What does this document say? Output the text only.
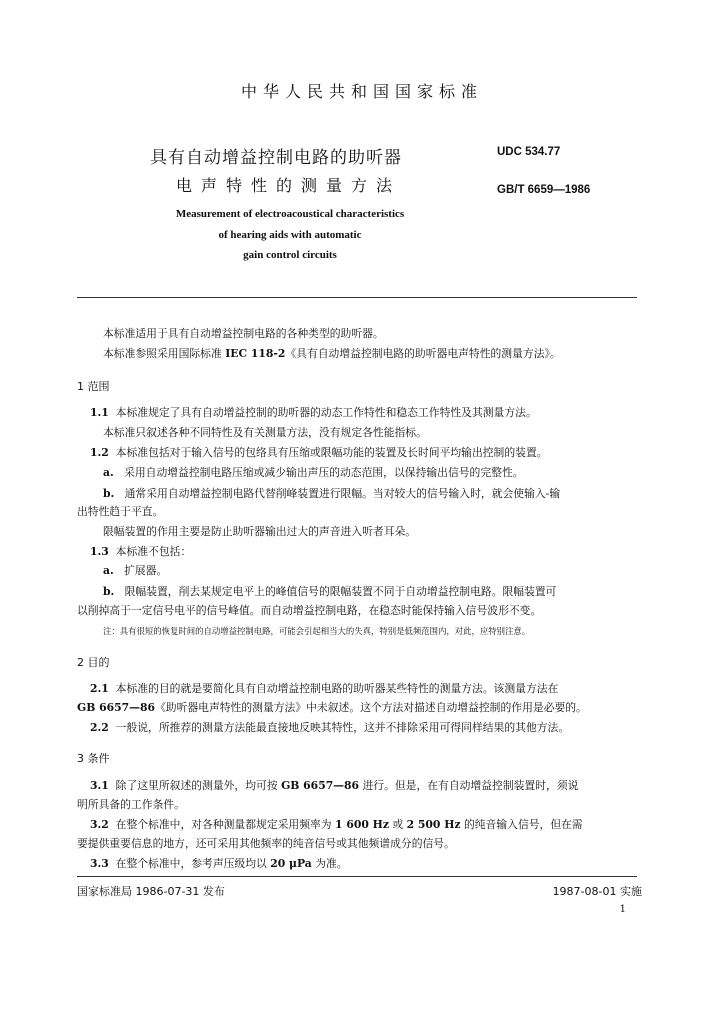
中华人民共和国国家标准
具有自动增益控制电路的助听器
电声特性的测量方法
UDC 534.77
GB/T 6659—1986
Measurement of electroacoustical characteristics
of hearing aids with automatic
gain control circuits
本标准适用于具有自动增益控制电路的各种类型的助听器。
本标准参照采用国际标准 IEC 118-2《具有自动增益控制电路的助听器电声特性的测量方法》。
1 范围
1.1 本标准规定了具有自动增益控制的助听器的动态工作特性和稳态工作特性及其测量方法。
本标准只叙述各种不同特性及有关测量方法，没有规定各性能指标。
1.2 本标准包括对于输入信号的包络具有压缩或限幅功能的装置及长时间平均输出控制的装置。
a. 采用自动增益控制电路压缩或减少输出声压的动态范围，以保持输出信号的完整性。
b. 通常采用自动增益控制电路代替削峰装置进行限幅。当对较大的信号输入时，就会使输入-输
出特性趋于平直。
限幅装置的作用主要是防止助听器输出过大的声音进入听者耳朵。
1.3 本标准不包括：
a. 扩展器。
b. 限幅装置，削去某规定电平上的峰值信号的限幅装置不同于自动增益控制电路。限幅装置可
以削掉高于一定信号电平的信号峰值。而自动增益控制电路，在稳态时能保持输入信号波形不变。
注：具有很短的恢复时间的自动增益控制电路，可能会引起相当大的失真，特别是低频范围内，对此，应特别注意。
2 目的
2.1 本标准的目的就是要简化具有自动增益控制电路的助听器某些特性的测量方法。该测量方法在
GB 6657—86《助听器电声特性的测量方法》中未叙述。这个方法对描述自动增益控制的作用是必要的。
2.2 一般说，所推荐的测量方法能最直接地反映其特性，这并不排除采用可得同样结果的其他方法。
3 条件
3.1 除了这里所叙述的测量外，均可按 GB 6657—86 进行。但是，在有自动增益控制装置时，须说
明所具备的工作条件。
3.2 在整个标准中，对各种测量都规定采用频率为 1 600 Hz 或 2 500 Hz 的纯音输入信号，但在需
要提供重要信息的地方，还可采用其他频率的纯音信号或其他频谱成分的信号。
3.3 在整个标准中，参考声压级均以 20 μPa 为准。
国家标准局 1986-07-31 发布	1987-08-01 实施
1
